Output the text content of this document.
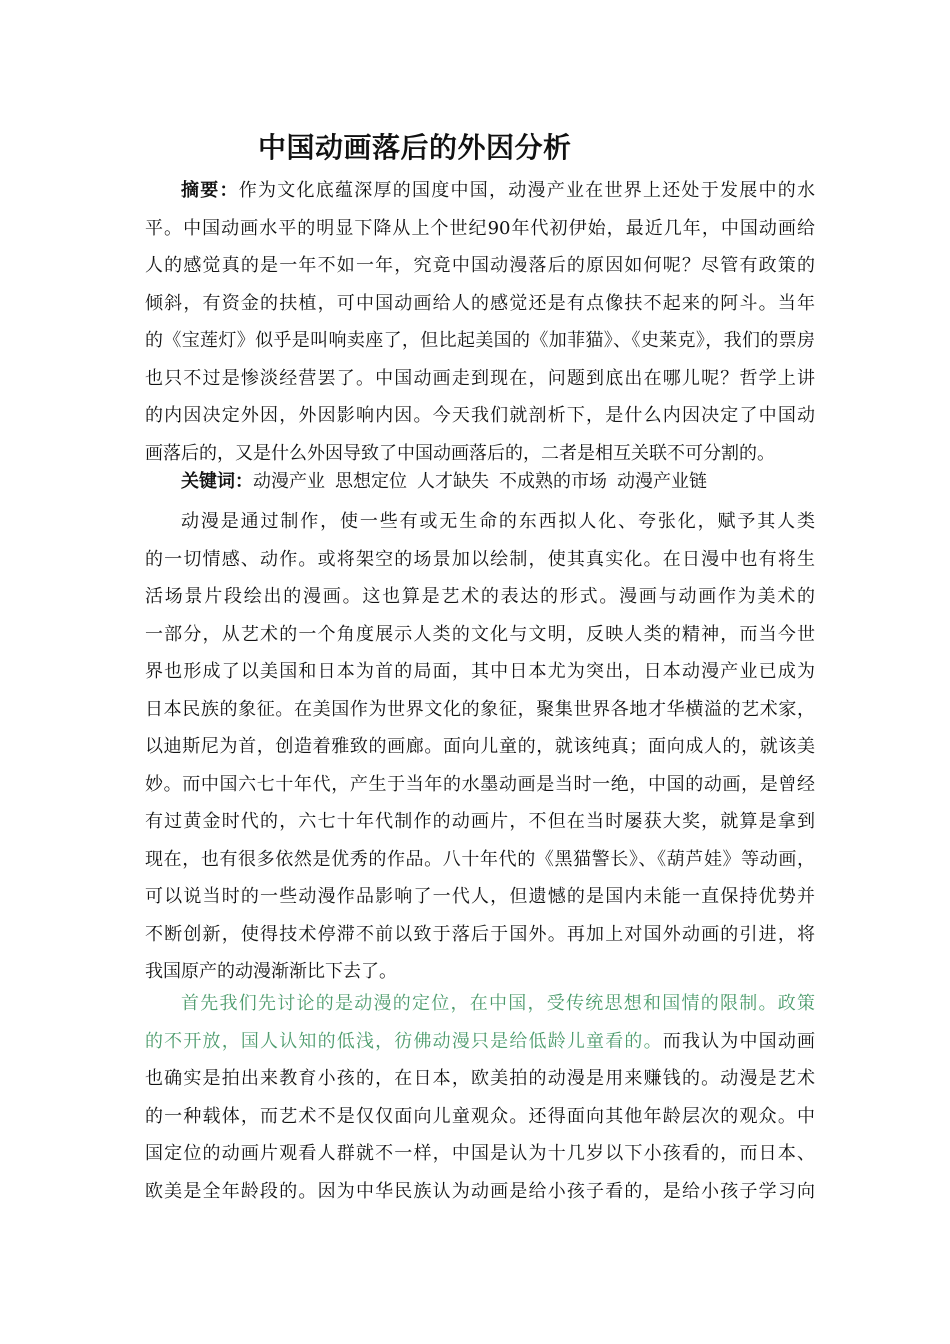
中国动画落后的外因分析
摘要：作为文化底蕴深厚的国度中国，动漫产业在世界上还处于发展中的水
平。中国动画水平的明显下降从上个世纪90年代初伊始，最近几年，中国动画给
人的感觉真的是一年不如一年，究竟中国动漫落后的原因如何呢？尽管有政策的
倾斜，有资金的扶植，可中国动画给人的感觉还是有点像扶不起来的阿斗。当年
的《宝莲灯》似乎是叫响卖座了，但比起美国的《加菲猫》、《史莱克》，我们的票房
也只不过是惨淡经营罢了。中国动画走到现在，问题到底出在哪儿呢？哲学上讲
的内因决定外因，外因影响内因。今天我们就剖析下，是什么内因决定了中国动
画落后的，又是什么外因导致了中国动画落后的，二者是相互关联不可分割的。
关键词：动漫产业 思想定位 人才缺失 不成熟的市场 动漫产业链
动漫是通过制作，使一些有或无生命的东西拟人化、夸张化，赋予其人类
的一切情感、动作。或将架空的场景加以绘制，使其真实化。在日漫中也有将生
活场景片段绘出的漫画。这也算是艺术的表达的形式。漫画与动画作为美术的
一部分，从艺术的一个角度展示人类的文化与文明，反映人类的精神，而当今世
界也形成了以美国和日本为首的局面，其中日本尤为突出，日本动漫产业已成为
日本民族的象征。在美国作为世界文化的象征，聚集世界各地才华横溢的艺术家，
以迪斯尼为首，创造着雅致的画廊。面向儿童的，就该纯真；面向成人的，就该美
妙。而中国六七十年代，产生于当年的水墨动画是当时一绝，中国的动画，是曾经
有过黄金时代的，六七十年代制作的动画片，不但在当时屡获大奖，就算是拿到
现在，也有很多依然是优秀的作品。八十年代的《黑猫警长》、《葫芦娃》等动画，
可以说当时的一些动漫作品影响了一代人，但遗憾的是国内未能一直保持优势并
不断创新，使得技术停滞不前以致于落后于国外。再加上对国外动画的引进，将
我国原产的动漫渐渐比下去了。
首先我们先讨论的是动漫的定位，在中国，受传统思想和国情的限制。政策
的不开放，国人认知的低浅，彷佛动漫只是给低龄儿童看的。而我认为中国动画
也确实是拍出来教育小孩的，在日本，欧美拍的动漫是用来赚钱的。动漫是艺术
的一种载体，而艺术不是仅仅面向儿童观众。还得面向其他年龄层次的观众。中
国定位的动画片观看人群就不一样，中国是认为十几岁以下小孩看的，而日本、
欧美是全年龄段的。因为中华民族认为动画是给小孩子看的，是给小孩子学习向
